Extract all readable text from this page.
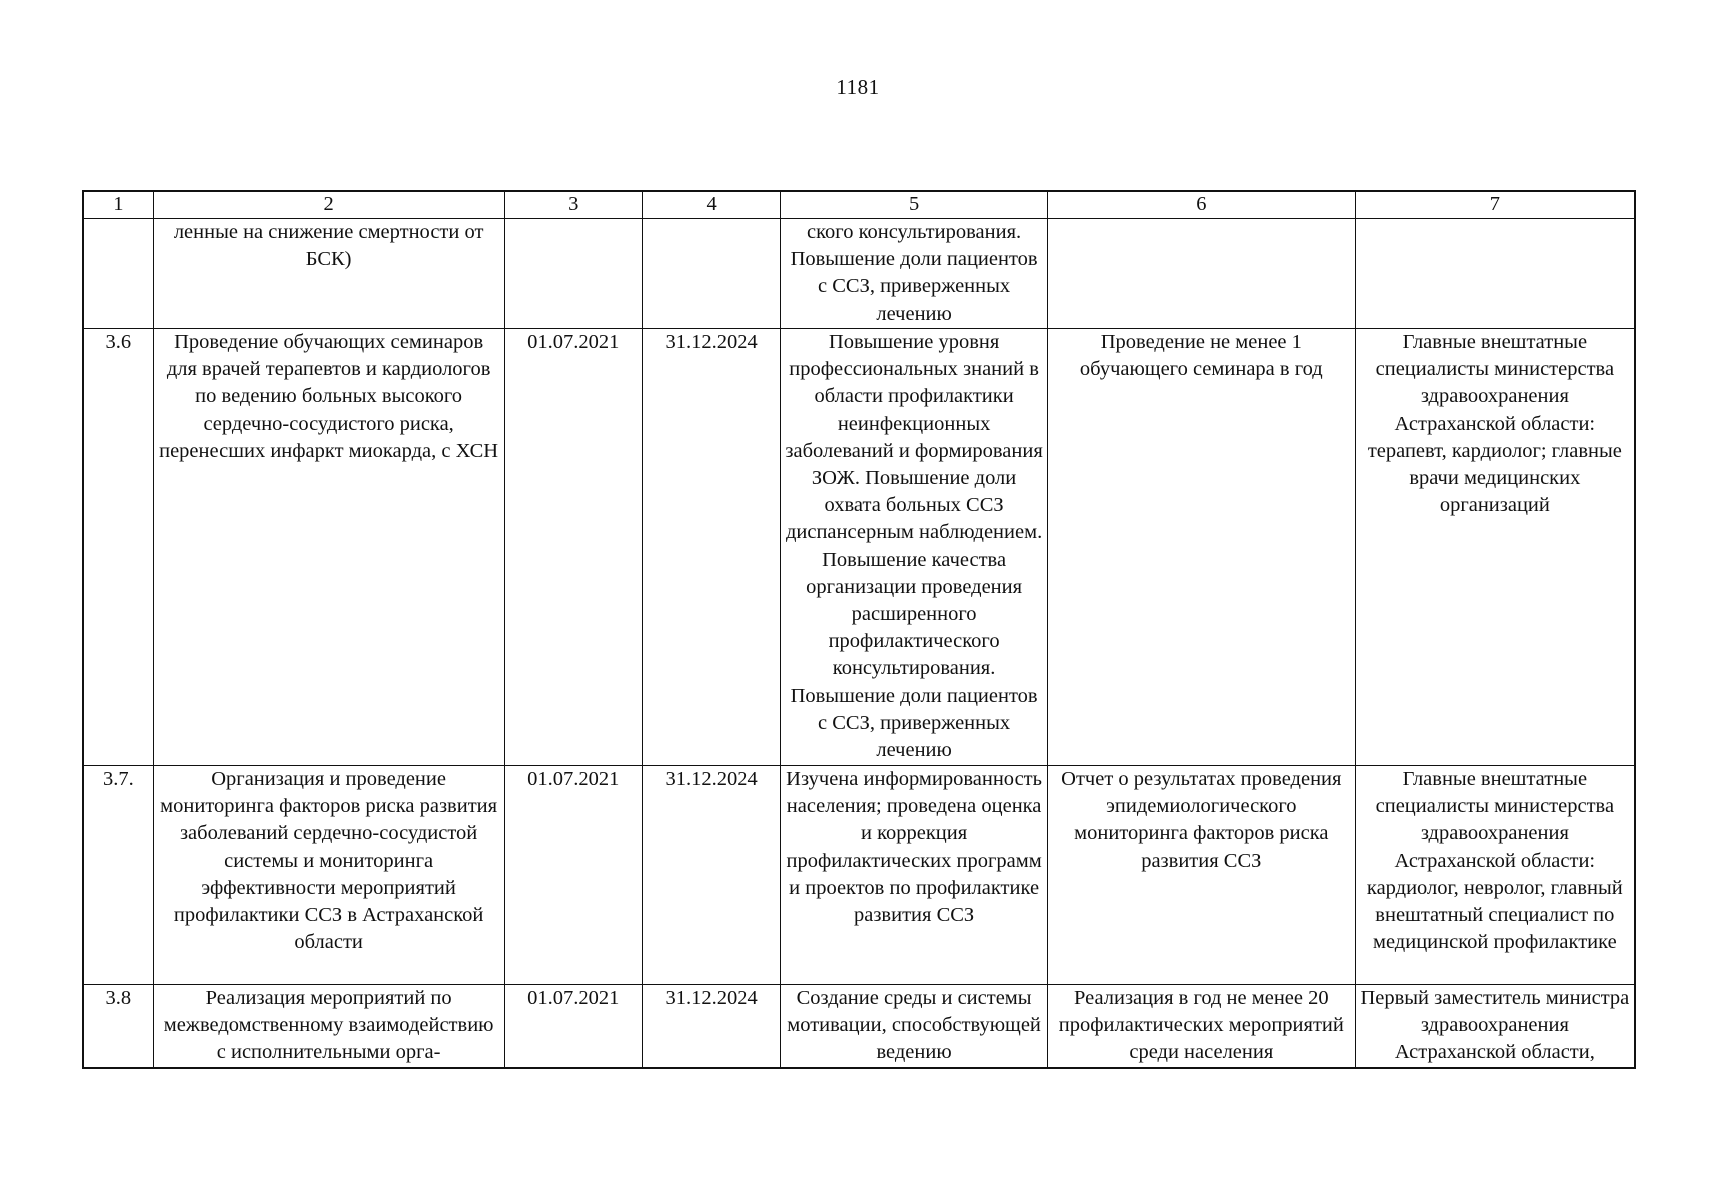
1181
1	2	3	4	5	6	7
	ленные на снижение смертности от БСК)			ского консультирования. Повышение доли пациентов с ССЗ, приверженных лечению		
3.6	Проведение обучающих семинаров для врачей терапевтов и кардиологов по ведению больных высокого сердечно-сосудистого риска, перенесших инфаркт миокарда, с ХСН	01.07.2021	31.12.2024	Повышение уровня профессиональных знаний в области профилактики неинфекционных заболеваний и формирования ЗОЖ. Повышение доли охвата больных ССЗ диспансерным наблюдением. Повышение качества организации проведения расширенного профилактического консультирования. Повышение доли пациентов с ССЗ, приверженных лечению	Проведение не менее 1 обучающего семинара в год	Главные внештатные специалисты министерства здравоохранения Астраханской области: терапевт, кардиолог; главные врачи медицинских организаций
3.7.	Организация и проведение мониторинга факторов риска развития заболеваний сердечно-сосудистой системы и мониторинга эффективности мероприятий профилактики ССЗ в Астраханской области	01.07.2021	31.12.2024	Изучена информированность населения; проведена оценка и коррекция профилактических программ и проектов по профилактике развития ССЗ	Отчет о результатах проведения эпидемиологического мониторинга факторов риска развития ССЗ	Главные внештатные специалисты министерства здравоохранения Астраханской области: кардиолог, невролог, главный внештатный специалист по медицинской профилактике
3.8	Реализация мероприятий по межведомственному взаимодействию с исполнительными орга-	01.07.2021	31.12.2024	Создание среды и системы мотивации, способствующей ведению	Реализация в год не менее 20 профилактических мероприятий среди населения	Первый заместитель министра здравоохранения Астраханской области,
